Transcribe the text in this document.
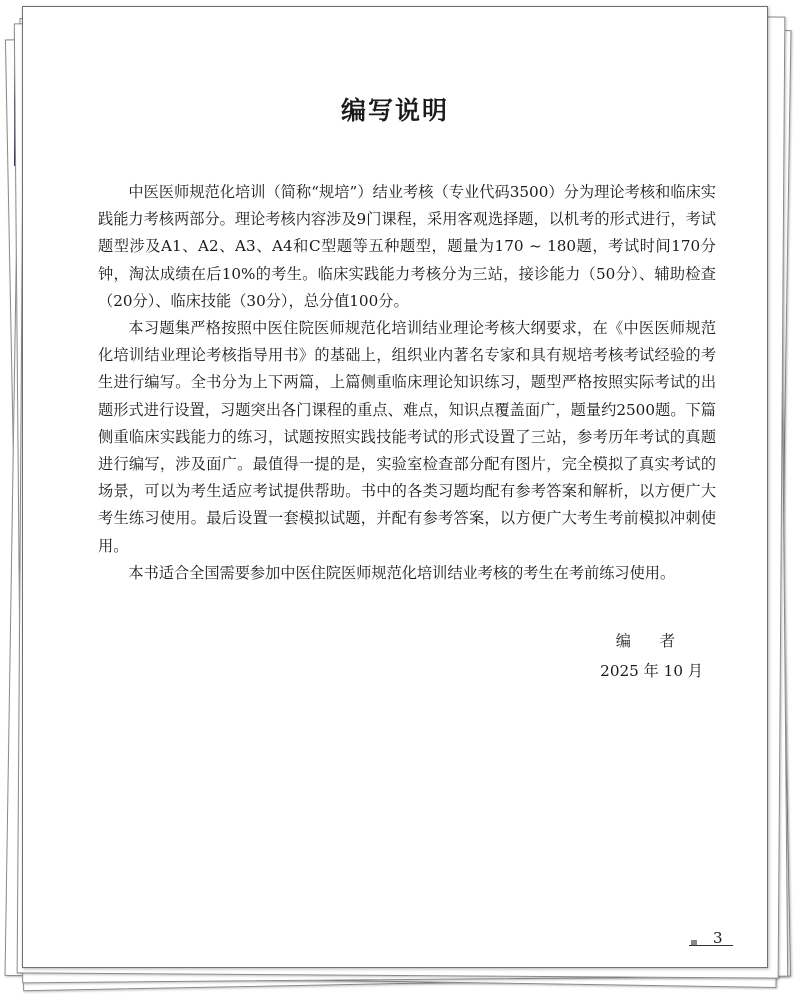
编写说明

中医医师规范化培训（简称“规培”）结业考核（专业代码3500）分为理论考核和临床实践能力考核两部分。理论考核内容涉及9门课程，采用客观选择题，以机考的形式进行，考试题型涉及A1、A2、A3、A4和C型题等五种题型，题量为170 ~ 180题，考试时间170分钟，淘汰成绩在后10%的考生。临床实践能力考核分为三站，接诊能力（50分）、辅助检查（20分）、临床技能（30分），总分值100分。

本习题集严格按照中医住院医师规范化培训结业理论考核大纲要求，在《中医医师规范化培训结业理论考核指导用书》的基础上，组织业内著名专家和具有规培考核考试经验的考生进行编写。全书分为上下两篇，上篇侧重临床理论知识练习，题型严格按照实际考试的出题形式进行设置，习题突出各门课程的重点、难点，知识点覆盖面广，题量约2500题。下篇侧重临床实践能力的练习，试题按照实践技能考试的形式设置了三站，参考历年考试的真题进行编写，涉及面广。最值得一提的是，实验室检查部分配有图片，完全模拟了真实考试的场景，可以为考生适应考试提供帮助。书中的各类习题均配有参考答案和解析，以方便广大考生练习使用。最后设置一套模拟试题，并配有参考答案，以方便广大考生考前模拟冲刺使用。

本书适合全国需要参加中医住院医师规范化培训结业考核的考生在考前练习使用。

编 者
2025 年 10 月
3
